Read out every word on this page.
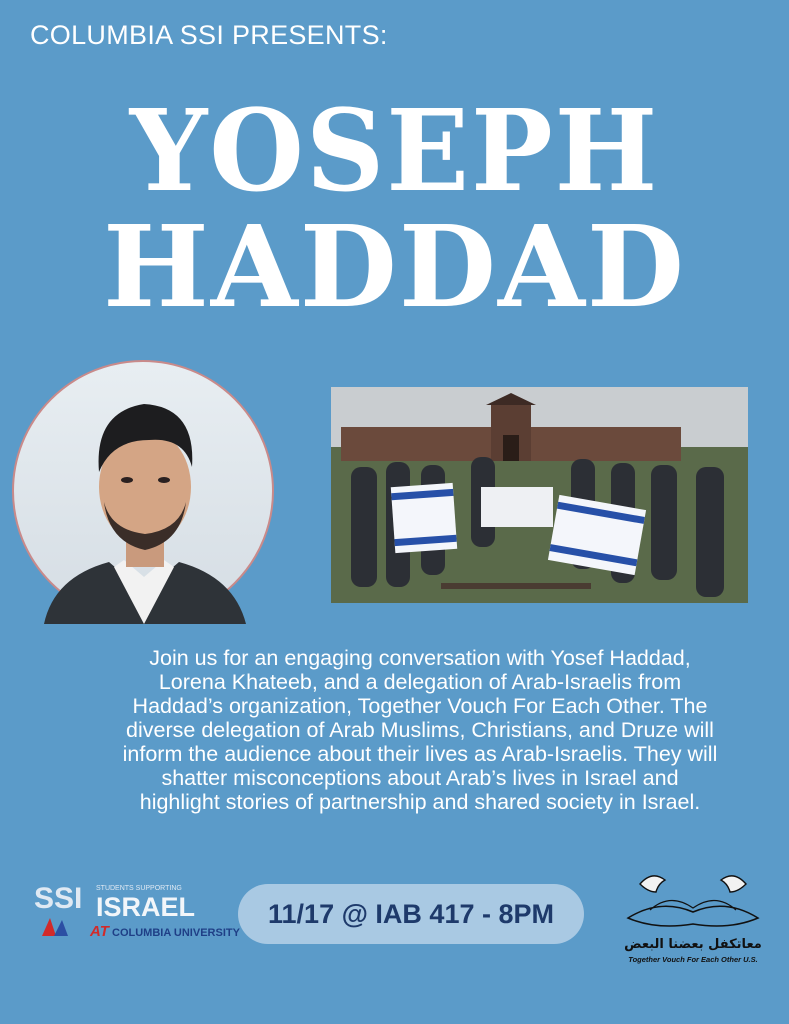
COLUMBIA SSI PRESENTS:
YOSEPH
HADDAD
Join us for an engaging conversation with Yosef Haddad, Lorena Khateeb, and a delegation of Arab-Israelis from Haddad’s organization, Together Vouch For Each Other. The diverse delegation of Arab Muslims, Christians, and Druze will inform the audience about their lives as Arab-Israelis. They will shatter misconceptions about Arab’s lives in Israel and highlight stories of partnership and shared society in Israel.
SSI STUDENTS SUPPORTING
ISRAEL
AT COLUMBIA UNIVERSITY
11/17 @ IAB 417 - 8PM
معاتكفل بعضنا البعض
Together Vouch For Each Other U.S.
